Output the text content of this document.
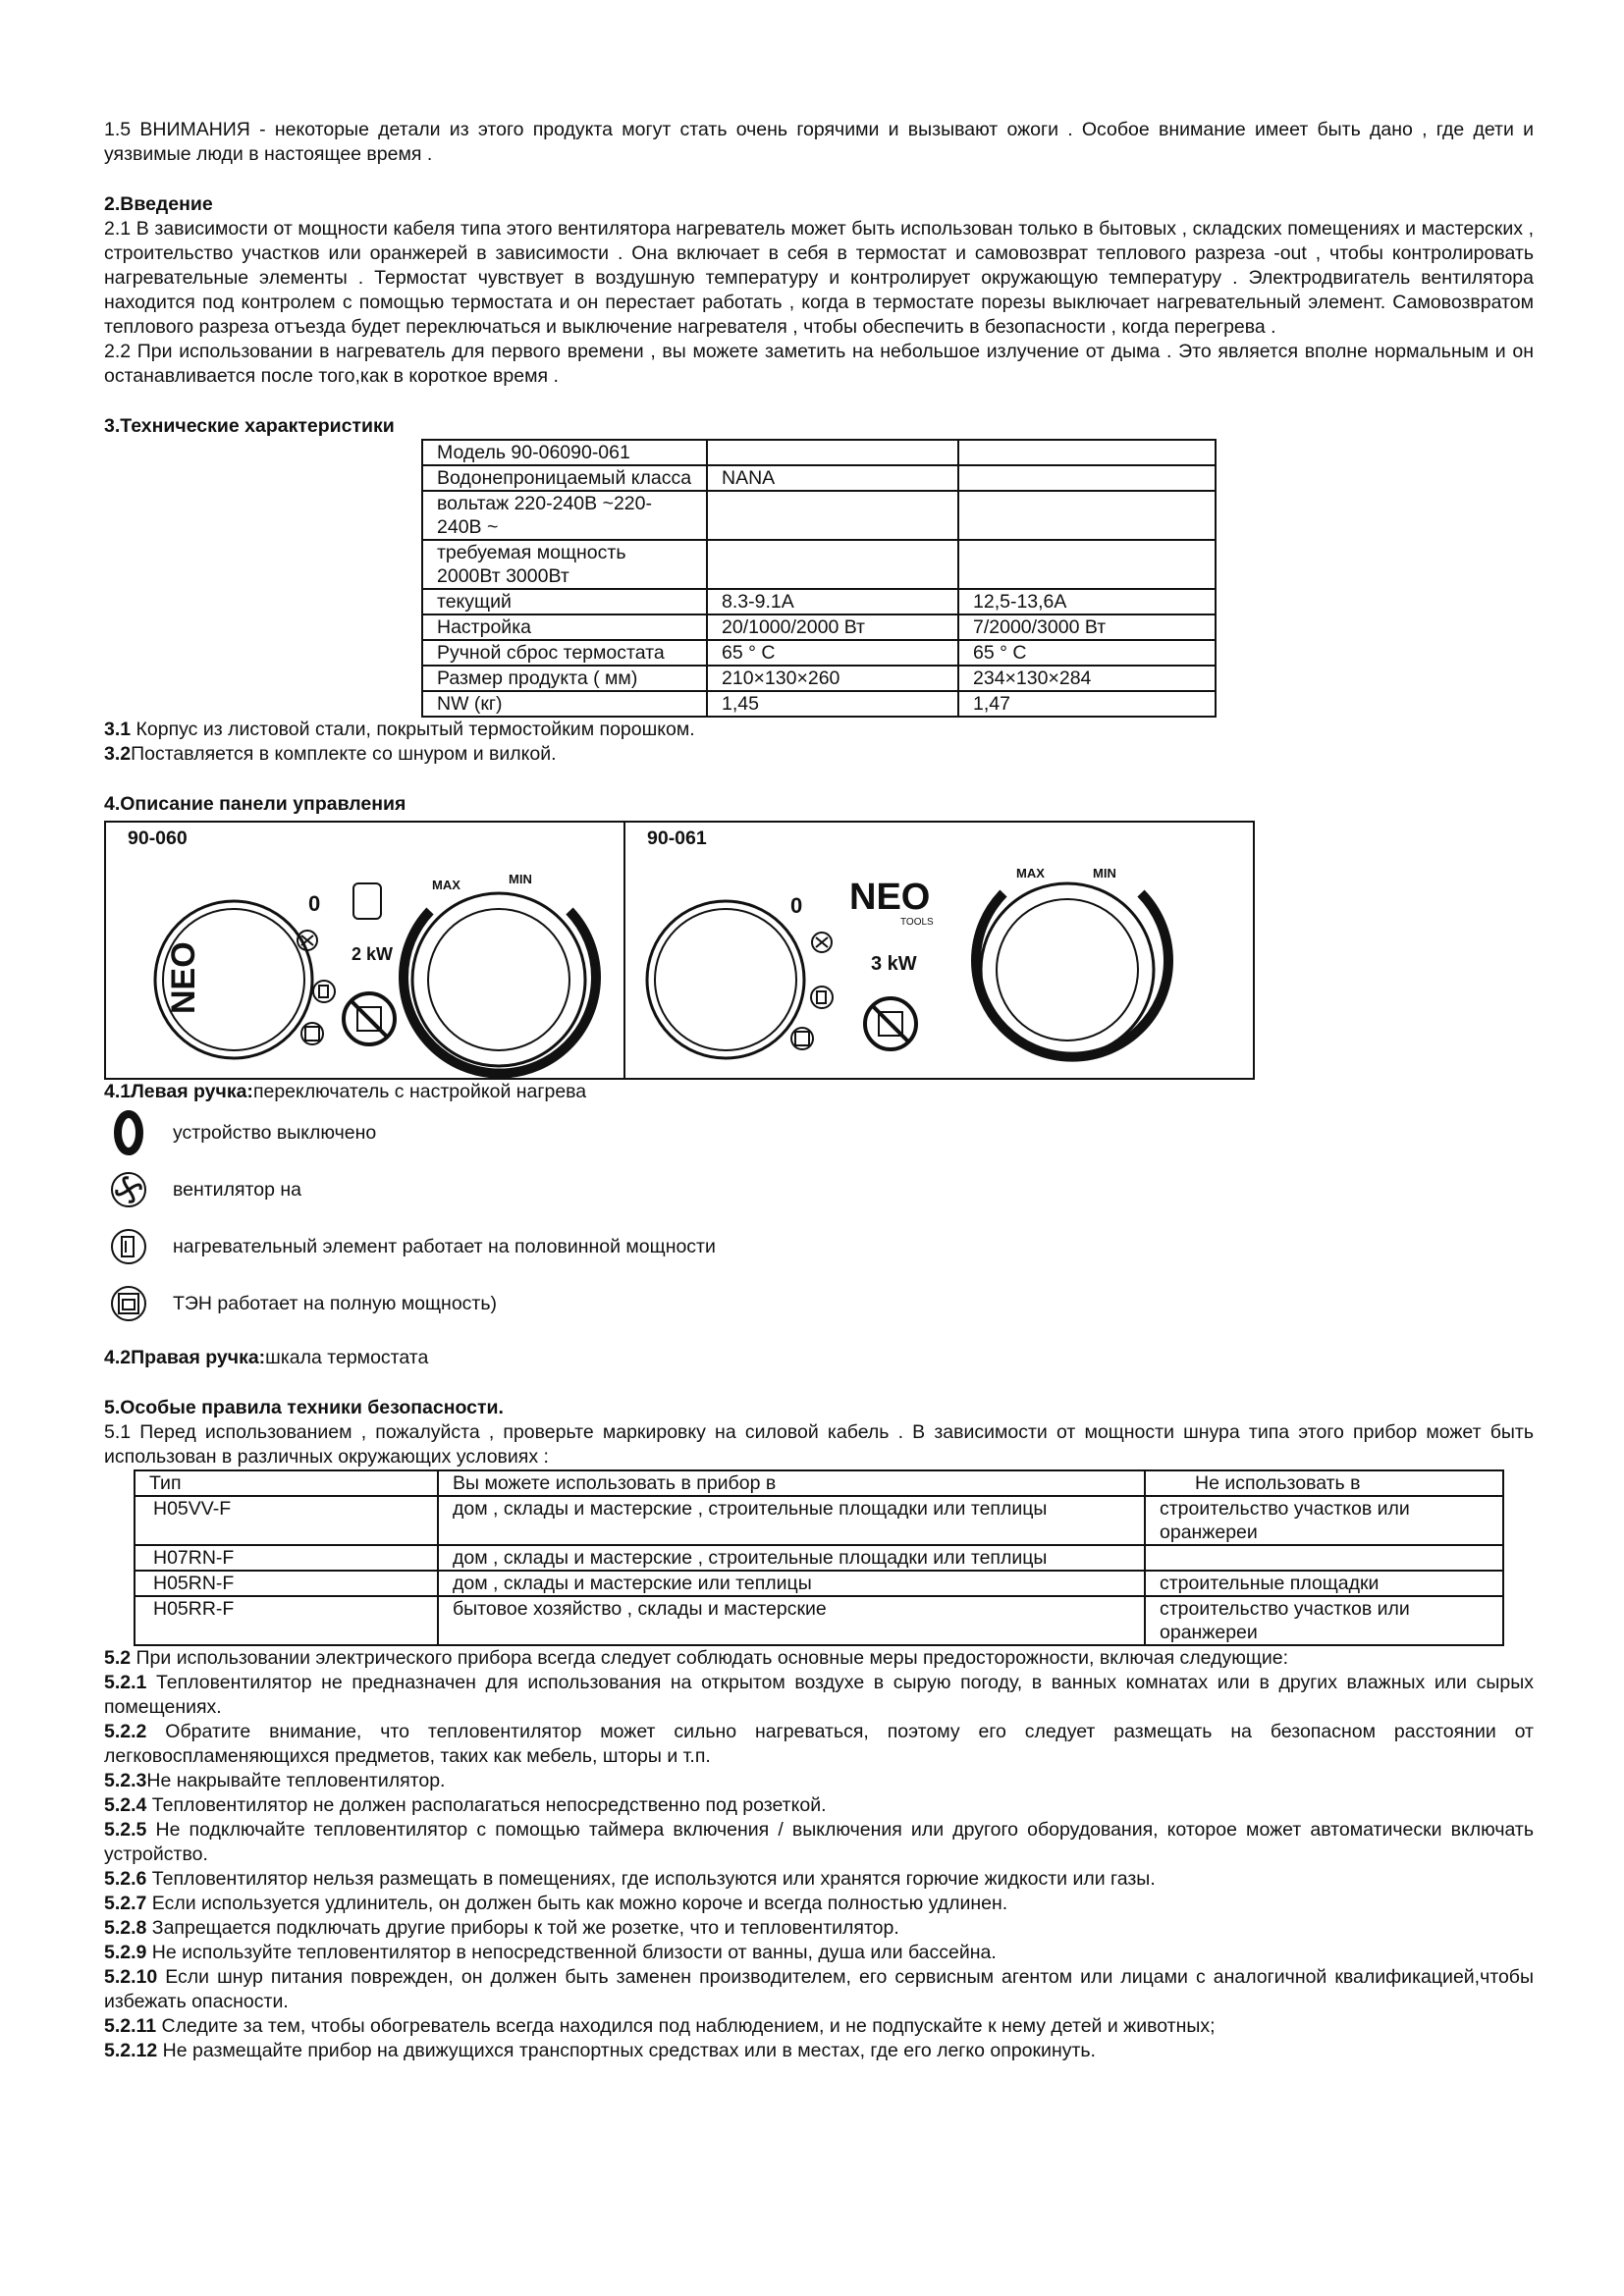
1.5 ВНИМАНИЯ - некоторые детали из этого продукта могут стать очень горячими и вызывают ожоги . Особое внимание имеет быть дано , где дети и уязвимые люди в настоящее время .

2.Введение

2.1 В зависимости от мощности кабеля типа этого вентилятора нагреватель может быть использован только в бытовых , складских помещениях и мастерских , строительство участков или оранжерей в зависимости . Она включает в себя в термостат и самовозврат теплового разреза -out , чтобы контролировать нагревательные элементы . Термостат чувствует в воздушную температуру и контролирует окружающую температуру . Электродвигатель вентилятора находится под контролем с помощью термостата и он перестает работать , когда в термостате порезы выключает нагревательный элемент. Самовозвратом теплового разреза отъезда будет переключаться и выключение нагревателя , чтобы обеспечить в безопасности , когда перегрева .

2.2 При использовании в нагреватель для первого времени , вы можете заметить на небольшое излучение от дыма . Это является вполне нормальным и он останавливается после того,как в короткое время .

3.Технические характеристики

Модель 90-06090-061		
Водонепроницаемый класса	NANA	
вольтаж 220-240В ~220-240В ~		
требуемая мощность 2000Вт 3000Вт		
текущий	8.3-9.1A	12,5-13,6A
Настройка	20/1000/2000 Вт	7/2000/3000 Вт
Ручной сброс термостата	65 ° С	65 ° С
Размер продукта ( мм)	210×130×260	234×130×284
NW (кг)	1,45	1,47

3.1 Корпус из листовой стали, покрытый термостойким порошком.

3.2Поставляется в комплекте со шнуром и вилкой.

4.Описание панели управления

90-060
NEO
0
2 kW
MAX	MIN
90-061
0 NEO
TOOLS
3 kW
MAX	MIN

4.1Левая ручка:переключатель с настройкой нагрева

устройство выключено
вентилятор на
нагревательный элемент работает на половинной мощности
ТЭН работает на полную мощность)

4.2Правая ручка:шкала термостата

5.Особые правила техники безопасности.

5.1 Перед использованием , пожалуйста , проверьте маркировку на силовой кабель . В зависимости от мощности шнура типа этого прибор может быть использован в различных окружающих условиях :

Тип	Вы можете использовать в прибор в	Не использовать в
H05VV-F	дом , склады и мастерские , строительные площадки или теплицы	строительство участков или оранжереи
H07RN-F	дом , склады и мастерские , строительные площадки или теплицы	
H05RN-F	дом , склады и мастерские или теплицы	строительные площадки
H05RR-F	бытовое хозяйство , склады и мастерские	строительство участков или оранжереи

5.2 При использовании электрического прибора всегда следует соблюдать основные меры предосторожности, включая следующие:

5.2.1 Тепловентилятор не предназначен для использования на открытом воздухе в сырую погоду, в ванных комнатах или в других влажных или сырых помещениях.

5.2.2 Обратите внимание, что тепловентилятор может сильно нагреваться, поэтому его следует размещать на безопасном расстоянии от легковоспламеняющихся предметов, таких как мебель, шторы и т.п.

5.2.3Не накрывайте тепловентилятор.

5.2.4 Тепловентилятор не должен располагаться непосредственно под розеткой.

5.2.5 Не подключайте тепловентилятор с помощью таймера включения / выключения или другого оборудования, которое может автоматически включать устройство.

5.2.6 Тепловентилятор нельзя размещать в помещениях, где используются или хранятся горючие жидкости или газы.

5.2.7 Если используется удлинитель, он должен быть как можно короче и всегда полностью удлинен.

5.2.8 Запрещается подключать другие приборы к той же розетке, что и тепловентилятор.

5.2.9 Не используйте тепловентилятор в непосредственной близости от ванны, душа или бассейна.

5.2.10 Если шнур питания поврежден, он должен быть заменен производителем, его сервисным агентом или лицами с аналогичной квалификацией,чтобы избежать опасности.

5.2.11 Следите за тем, чтобы обогреватель всегда находился под наблюдением, и не подпускайте к нему детей и животных;

5.2.12 Не размещайте прибор на движущихся транспортных средствах или в местах, где его легко опрокинуть.
